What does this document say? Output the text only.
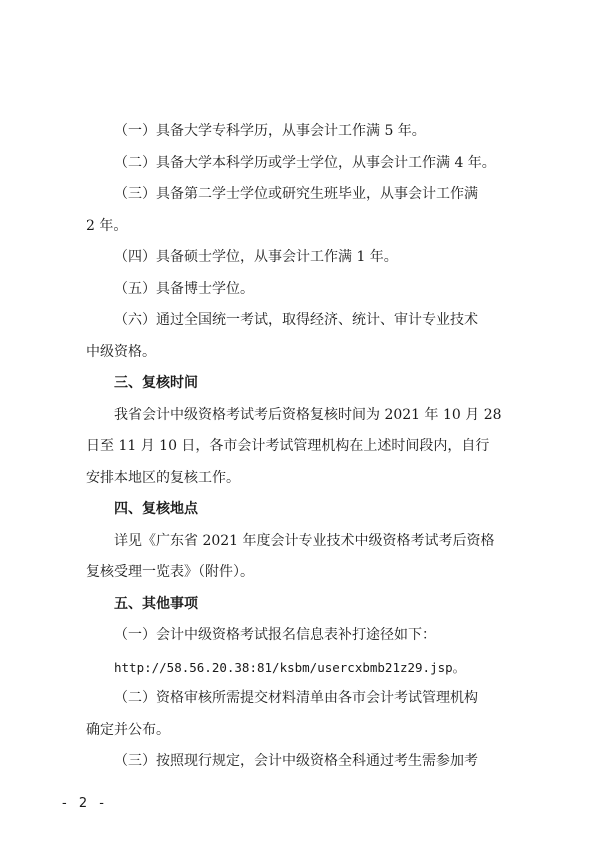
（一）具备大学专科学历，从事会计工作满 5 年。
（二）具备大学本科学历或学士学位，从事会计工作满 4 年。
（三）具备第二学士学位或研究生班毕业，从事会计工作满
2 年。
（四）具备硕士学位，从事会计工作满 1 年。
（五）具备博士学位。
（六）通过全国统一考试，取得经济、统计、审计专业技术
中级资格。
三、复核时间
我省会计中级资格考试考后资格复核时间为 2021 年 10 月 28
日至 11 月 10 日，各市会计考试管理机构在上述时间段内，自行
安排本地区的复核工作。
四、复核地点
详见《广东省 2021 年度会计专业技术中级资格考试考后资格
复核受理一览表》（附件）。
五、其他事项
（一）会计中级资格考试报名信息表补打途径如下：
http://58.56.20.38:81/ksbm/usercxbmb21z29.jsp。
（二）资格审核所需提交材料清单由各市会计考试管理机构
确定并公布。
（三）按照现行规定，会计中级资格全科通过考生需参加考
- 2 -
